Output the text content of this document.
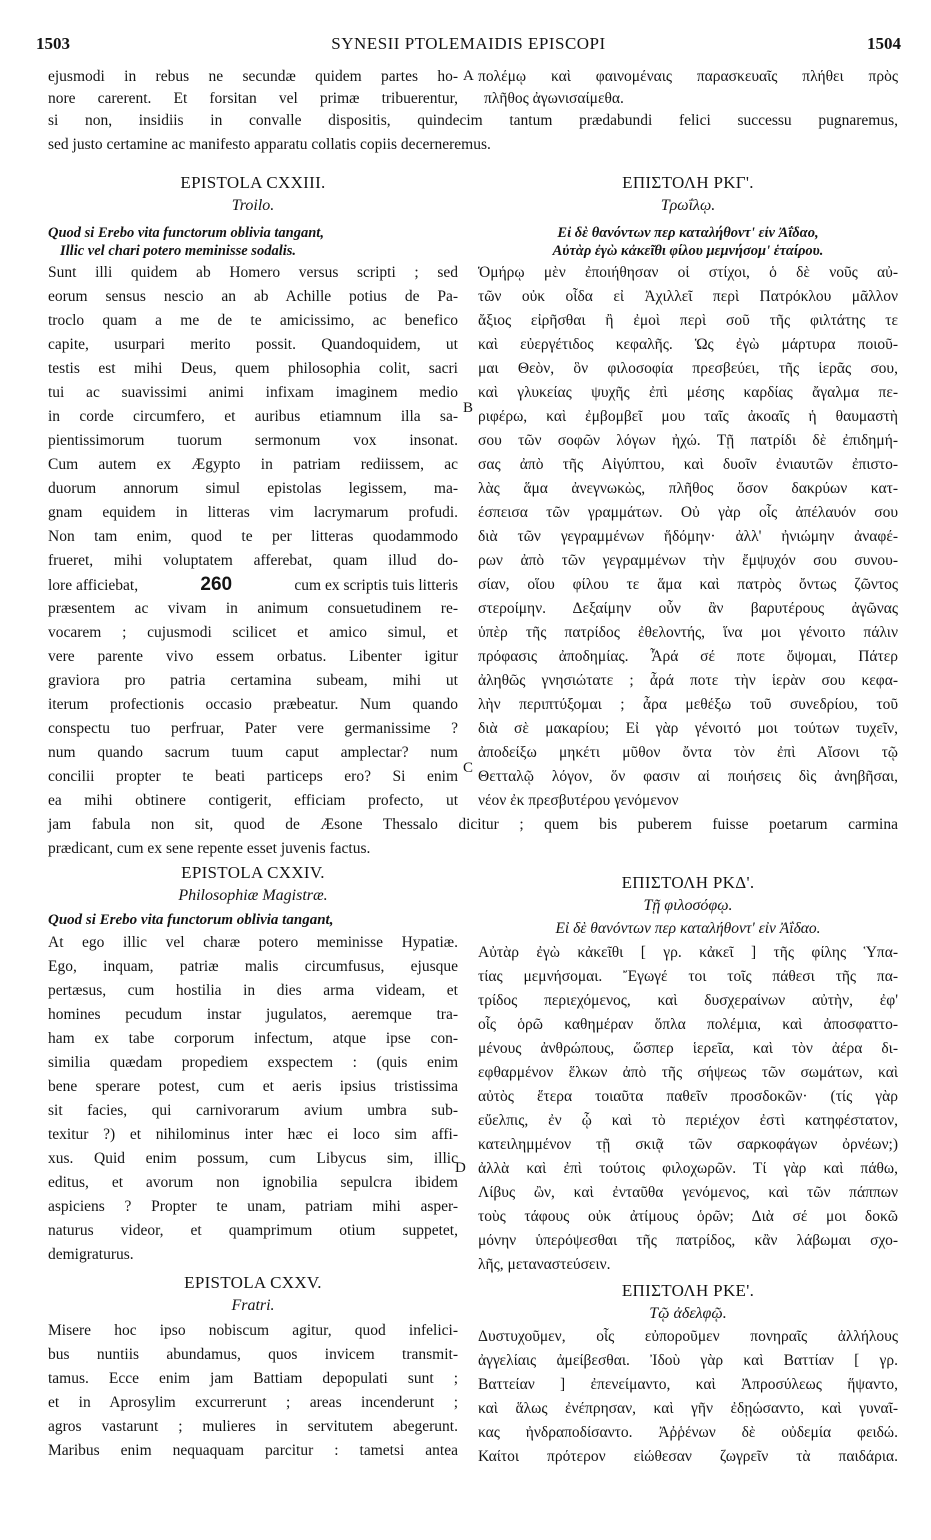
1503	SYNESII PTOLEMAIDIS EPISCOPI	1504
ejusmodi in rebus ne secundæ quidem partes ho-
nore carerent. Et forsitan vel primæ tribuerentur,
πολέμῳ καὶ φαινομέναις παρασκευαῖς πλήθει πρὸς
πλῆθος ἀγωνισαίμεθα.
A
si non, insidiis in convalle dispositis, quindecim tantum prædabundi felici successu pugnaremus,
sed justo certamine ac manifesto apparatu collatis copiis decerneremus.
EPISTOLA CXXIII.
Troilo.
Quod si Erebo vita functorum oblivia tangant,
Illic vel chari potero meminisse sodalis.
ΕΠΙΣΤΟΛΗ ΡΚΓ'.
Τρωΐλῳ.
Εἰ δὲ θανόντων περ καταλήθοντ' εἰν Ἀΐδαο,
Αὐτὰρ ἐγὼ κἀκεῖθι φίλου μεμνήσομ' ἑταίρου.
Sunt illi quidem ab Homero versus scripti ; sed
eorum sensus nescio an ab Achille potius de Pa-
troclo quam a me de te amicissimo, ac benefico
capite, usurpari merito possit. Quandoquidem, ut
testis est mihi Deus, quem philosophia colit, sacri
tui ac suavissimi animi infixam imaginem medio
in corde circumfero, et auribus etiamnum illa sa-
pientissimorum tuorum sermonum vox insonat.
Cum autem ex Ægypto in patriam rediissem, ac
duorum annorum simul epistolas legissem, ma-
gnam equidem in litteras vim lacrymarum profudi.
Non tam enim, quod te per litteras quodammodo
frueret, mihi voluptatem afferebat, quam illud do-
lore afficiebat,	260	cum ex scriptis tuis litteris
præsentem ac vivam in animum consuetudinem re-
vocarem ; cujusmodi scilicet et amico simul, et
vere parente vivo essem orbatus. Libenter igitur
graviora pro patria certamina subeam, mihi ut
iterum profectionis occasio præbeatur. Num quando
conspectu tuo perfruar, Pater vere germanissime ?
num quando sacrum tuum caput amplectar? num
concilii propter te beati particeps ero? Si enim
ea mihi obtinere contigerit, efficiam profecto, ut
Ὁμήρῳ μὲν ἐποιήθησαν οἱ στίχοι, ὁ δὲ νοῦς αὐ-
τῶν οὐκ οἶδα εἰ Ἀχιλλεῖ περὶ Πατρόκλου μᾶλλον
ἄξιος εἰρῆσθαι ἢ ἐμοὶ περὶ σοῦ τῆς φιλτάτης τε
καὶ εὐεργέτιδος κεφαλῆς. Ὡς ἐγὼ μάρτυρα ποιοῦ-
μαι Θεὸν, ὃν φιλοσοφία πρεσβεύει, τῆς ἱερᾶς σου,
καὶ γλυκείας ψυχῆς ἐπὶ μέσης καρδίας ἄγαλμα πε-
ριφέρω, καὶ ἐμβομβεῖ μου ταῖς ἀκοαῖς ἡ θαυμαστὴ
σου τῶν σοφῶν λόγων ἠχώ. Τῇ πατρίδι δὲ ἐπιδημή-
σας ἀπὸ τῆς Αἰγύπτου, καὶ δυοῖν ἐνιαυτῶν ἐπιστο-
λὰς ἅμα ἀνεγνωκὼς, πλῆθος ὅσον δακρύων κατ-
έσπεισα τῶν γραμμάτων. Οὐ γὰρ οἷς ἀπέλαυόν σου
διὰ τῶν γεγραμμένων ἥδόμην· ἀλλ' ἠνιώμην ἀναφέ-
ρων ἀπὸ τῶν γεγραμμένων τὴν ἔμψυχόν σου συνου-
σίαν, οἵου φίλου τε ἅμα καὶ πατρὸς ὄντως ζῶντος
στεροίμην. Δεξαίμην οὖν ἂν βαρυτέρους ἀγῶνας
ὑπὲρ τῆς πατρίδος ἐθελοντής, ἵνα μοι γένοιτο πάλιν
πρόφασις ἀποδημίας. Ἆρά σέ ποτε ὄψομαι, Πάτερ
ἀληθῶς γνησιώτατε ; ἆρά ποτε τὴν ἱερὰν σου κεφα-
λὴν περιπτύξομαι ; ἆρα μεθέξω τοῦ συνεδρίου, τοῦ
διὰ σὲ μακαρίου; Εἰ γὰρ γένοιτό μοι τούτων τυχεῖν,
ἀποδείξω μηκέτι μῦθον ὄντα τὸν ἐπὶ Αἴσονι τῷ
Θετταλῷ λόγον, ὅν φασιν αἱ ποιήσεις δὶς ἀνηβῆσαι,
νέον ἐκ πρεσβυτέρου γενόμενον
B
C
jam fabula non sit, quod de Æsone Thessalo dicitur ; quem bis puberem fuisse poetarum carmina
prædicant, cum ex sene repente esset juvenis factus.
EPISTOLA CXXIV.
Philosophiæ Magistræ.
Quod si Erebo vita functorum oblivia tangant,
ΕΠΙΣΤΟΛΗ ΡΚΔ'.
Τῇ φιλοσόφῳ.
Εἰ δὲ θανόντων περ καταλήθοντ' εἰν Ἀΐδαο.
At ego illic vel charæ potero meminisse Hypatiæ.
Ego, inquam, patriæ malis circumfusus, ejusque
pertæsus, cum hostilia in dies arma videam, et
homines pecudum instar jugulatos, aeremque tra-
ham ex tabe corporum infectum, atque ipse con-
similia quædam propediem exspectem : (quis enim
bene sperare potest, cum et aeris ipsius tristissima
sit facies, qui carnivorarum avium umbra sub-
texitur ?) et nihilominus inter hæc ei loco sim affi-
xus. Quid enim possum, cum Libycus sim, illic
editus, et avorum non ignobilia sepulcra ibidem
aspiciens ? Propter te unam, patriam mihi asper-
naturus videor, et quamprimum otium suppetet,
demigraturus.
Αὐτὰρ ἐγὼ κἀκεῖθι [ γρ. κἀκεῖ ] τῆς φίλης Ὑπα-
τίας μεμνήσομαι. Ἔγωγέ τοι τοῖς πάθεσι τῆς πα-
τρίδος περιεχόμενος, καὶ δυσχεραίνων αὐτὴν, ἐφ'
οἷς ὁρῶ καθημέραν ὅπλα πολέμια, καὶ ἀποσφαττο-
μένους ἀνθρώπους, ὥσπερ ἱερεῖα, καὶ τὸν ἀέρα δι-
εφθαρμένον ἕλκων ἀπὸ τῆς σήψεως τῶν σωμάτων, καὶ
αὐτὸς ἕτερα τοιαῦτα παθεῖν προσδοκῶν· (τίς γὰρ
εὔελπις, ἐν ᾧ καὶ τὸ περιέχον ἐστὶ κατηφέστατον,
κατειλημμένον τῇ σκιᾷ τῶν σαρκοφάγων ὀρνέων;)
ἀλλὰ καὶ ἐπὶ τούτοις φιλοχωρῶν. Τί γὰρ καὶ πάθω,
Λίβυς ὢν, καὶ ἐνταῦθα γενόμενος, καὶ τῶν πάππων
τοὺς τάφους οὐκ ἀτίμους ὁρῶν; Διὰ σέ μοι δοκῶ
μόνην ὑπερόψεσθαι τῆς πατρίδος, κἂν λάβωμαι σχο-
λῆς, μεταναστεύσειν.
D
EPISTOLA CXXV.
Fratri.
ΕΠΙΣΤΟΛΗ ΡΚΕ'.
Τῷ ἀδελφῷ.
Misere hoc ipso nobiscum agitur, quod infelici-
bus nuntiis abundamus, quos invicem transmit-
tamus. Ecce enim jam Battiam depopulati sunt ;
et in Aprosylim excurrerunt ; areas incenderunt ;
agros vastarunt ; mulieres in servitutem abegerunt.
Maribus enim nequaquam parcitur : tametsi antea
Δυστυχοῦμεν, οἷς εὐποροῦμεν πονηραῖς ἀλλήλους
ἀγγελίαις ἀμείβεσθαι. Ἰδοὺ γὰρ καὶ Βαττίαν [ γρ.
Βαττείαν ] ἐπενείμαντο, καὶ Ἀπροσύλεως ἥψαντο,
καὶ ἅλως ἐνέπρησαν, καὶ γῆν ἐδῃώσαντο, καὶ γυναῖ-
κας ἠνδραποδίσαντο. Ἀῤῥένων δὲ οὐδεμία φειδώ.
Καίτοι πρότερον εἰώθεσαν ζωγρεῖν τὰ παιδάρια.
